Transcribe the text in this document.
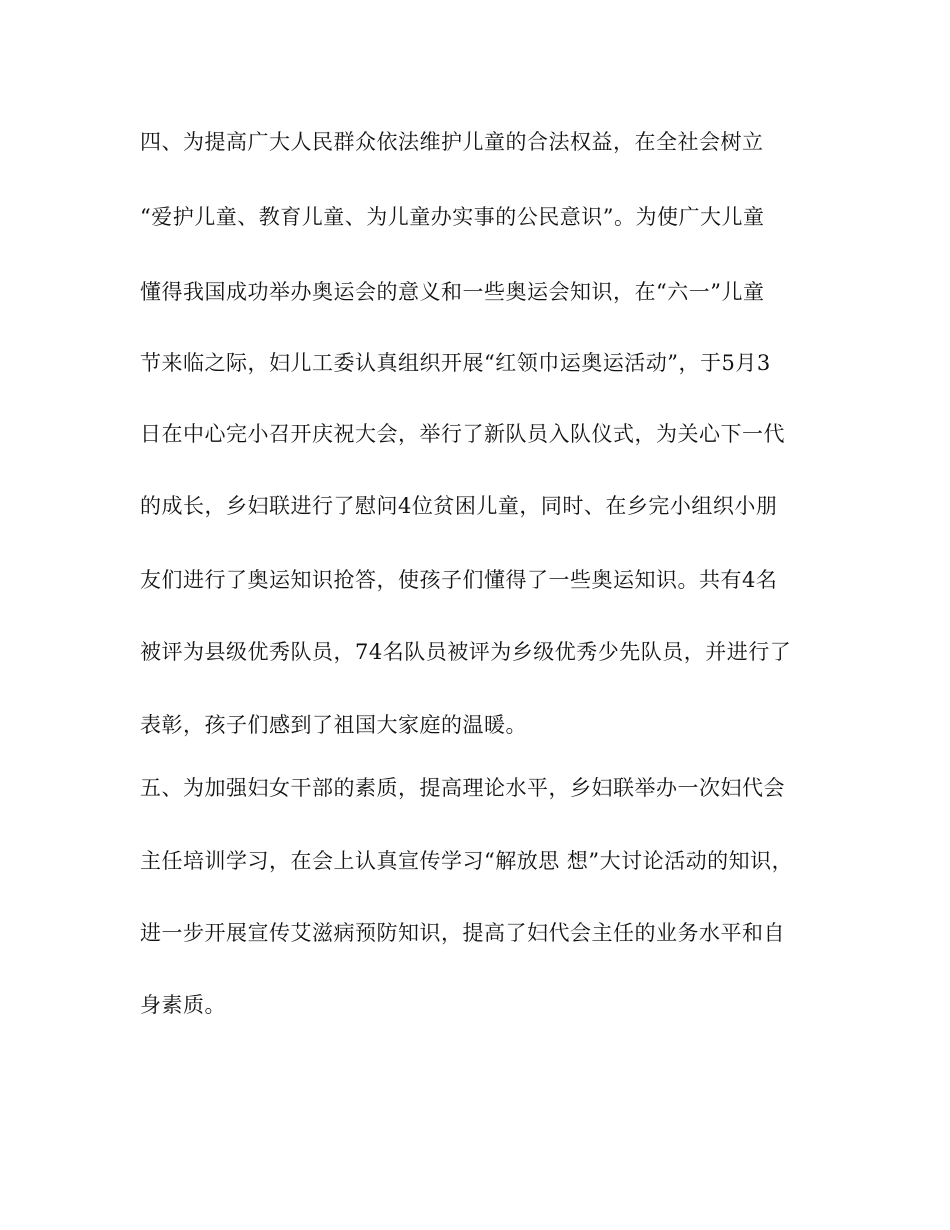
四、为提高广大人民群众依法维护儿童的合法权益，在全社会树立
“爱护儿童、教育儿童、为儿童办实事的公民意识”。为使广大儿童
懂得我国成功举办奥运会的意义和一些奥运会知识，在“六一”儿童
节来临之际，妇儿工委认真组织开展“红领巾运奥运活动”，于5月3
日在中心完小召开庆祝大会，举行了新队员入队仪式，为关心下一代
的成长，乡妇联进行了慰问4位贫困儿童，同时、在乡完小组织小朋
友们进行了奥运知识抢答，使孩子们懂得了一些奥运知识。共有4名
被评为县级优秀队员，74名队员被评为乡级优秀少先队员，并进行了
表彰，孩子们感到了祖国大家庭的温暖。
五、为加强妇女干部的素质，提高理论水平，乡妇联举办一次妇代会
主任培训学习，在会上认真宣传学习“解放思 想”大讨论活动的知识，
进一步开展宣传艾滋病预防知识，提高了妇代会主任的业务水平和自
身素质。
